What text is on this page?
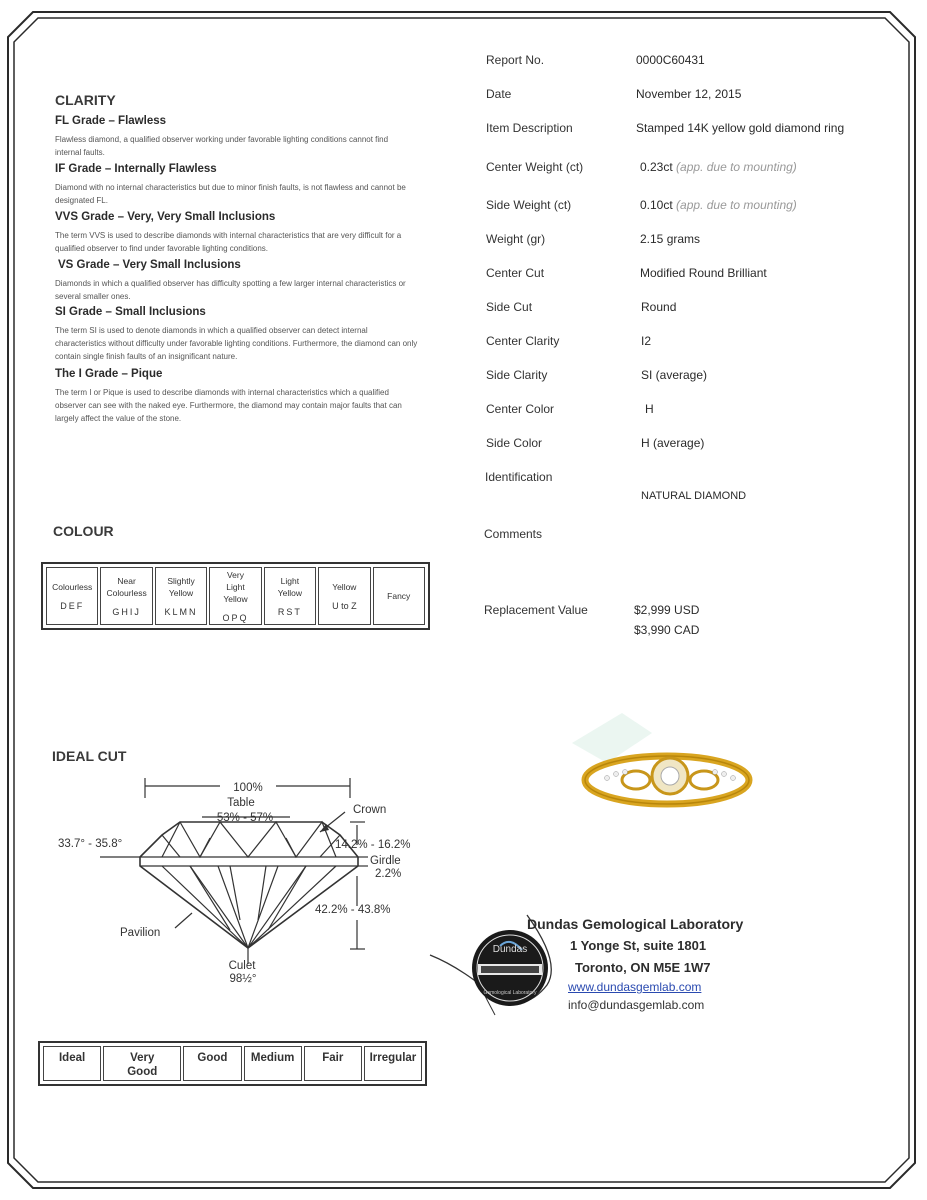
CLARITY
FL Grade – Flawless
Flawless diamond, a qualified observer working under favorable lighting conditions cannot find internal faults.
IF Grade – Internally Flawless
Diamond with no internal characteristics but due to minor finish faults, is not flawless and cannot be designated FL.
VVS Grade – Very, Very Small Inclusions
The term VVS is used to describe diamonds with internal characteristics that are very difficult for a qualified observer to find under favorable lighting conditions.
VS Grade – Very Small Inclusions
Diamonds in which a qualified observer has difficulty spotting a few larger internal characteristics or several smaller ones.
SI Grade – Small Inclusions
The term SI is used to denote diamonds in which a qualified observer can detect internal characteristics without difficulty under favorable lighting conditions. Furthermore, the diamond can only contain single finish faults of an insignificant nature.
The I Grade – Pique
The term I or Pique is used to describe diamonds with internal characteristics which a qualified observer can see with the naked eye. Furthermore, the diamond may contain major faults that can largely affect the value of the stone.
COLOUR
Colourless
DEF
Near Colourless
GHIJ
Slightly Yellow
KLMN
Very Light Yellow
OPQ
Light Yellow
RST
Yellow
U to Z
Fancy
IDEAL CUT
100%
Table
53% - 57%
Crown
33.7° - 35.8°	14.2% - 16.2%
Girdle
2.2%
42.2% - 43.8%
Pavilion
Culet
98½°
Ideal	Very Good
Good	Medium	Fair	Irregular
Report No.	0000C60431
Date	November 12, 2015
Item Description	Stamped 14K yellow gold diamond ring
Center Weight (ct)	0.23ct (app. due to mounting)
Side Weight (ct)	0.10ct (app. due to mounting)
Weight (gr)	2.15 grams
Center Cut	Modified Round Brilliant
Side Cut	Round
Center Clarity	I2
Side Clarity	SI (average)
Center Color	H
Side Color	H (average)
Identification
NATURAL DIAMOND
Comments
Replacement Value	$2,999 USD
$3,990 CAD
Dundas
Gemological Laboratory
Dundas Gemological Laboratory
1 Yonge St, suite 1801
Toronto, ON M5E 1W7
www.dundasgemlab.com
info@dundasgemlab.com
